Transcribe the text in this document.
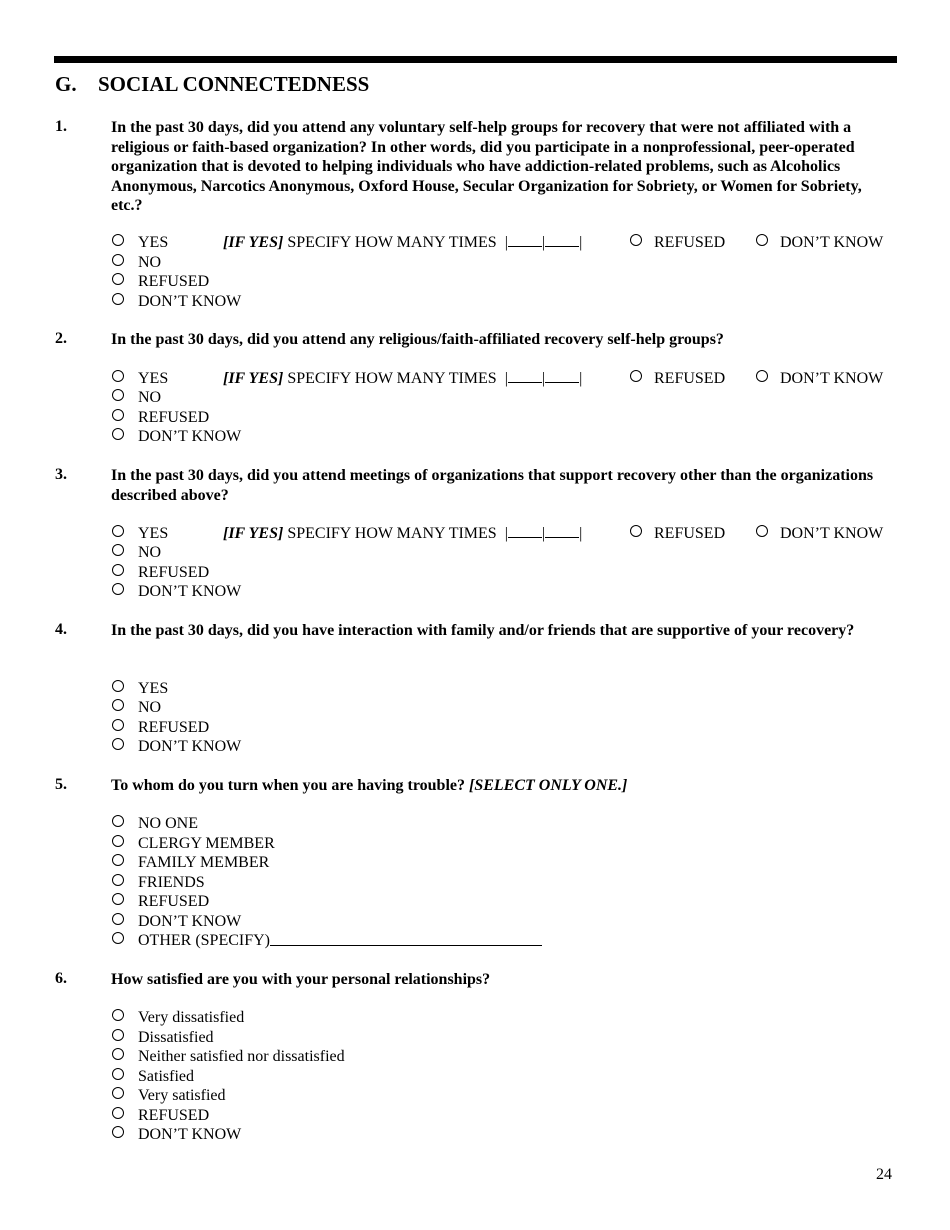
G. SOCIAL CONNECTEDNESS
1.	In the past 30 days, did you attend any voluntary self-help groups for recovery that were not affiliated with a religious or faith-based organization? In other words, did you participate in a nonprofessional, peer-operated organization that is devoted to helping individuals who have addiction-related problems, such as Alcoholics Anonymous, Narcotics Anonymous, Oxford House, Secular Organization for Sobriety, or Women for Sobriety, etc.?
YES
NO
REFUSED
DON’T KNOW
[IF YES] SPECIFY HOW MANY TIMES | | |	REFUSED	DON’T KNOW
2.	In the past 30 days, did you attend any religious/faith-affiliated recovery self-help groups?
YES
NO
REFUSED
DON’T KNOW
[IF YES] SPECIFY HOW MANY TIMES | | |	REFUSED	DON’T KNOW
3.	In the past 30 days, did you attend meetings of organizations that support recovery other than the organizations described above?
YES
NO
REFUSED
DON’T KNOW
[IF YES] SPECIFY HOW MANY TIMES | | |	REFUSED	DON’T KNOW
4.	In the past 30 days, did you have interaction with family and/or friends that are supportive of your recovery?
YES
NO
REFUSED
DON’T KNOW
5.	To whom do you turn when you are having trouble? [SELECT ONLY ONE.]
NO ONE
CLERGY MEMBER
FAMILY MEMBER
FRIENDS
REFUSED
DON’T KNOW
OTHER (SPECIFY)
6.	How satisfied are you with your personal relationships?
Very dissatisfied
Dissatisfied
Neither satisfied nor dissatisfied
Satisfied
Very satisfied
REFUSED
DON’T KNOW
24
